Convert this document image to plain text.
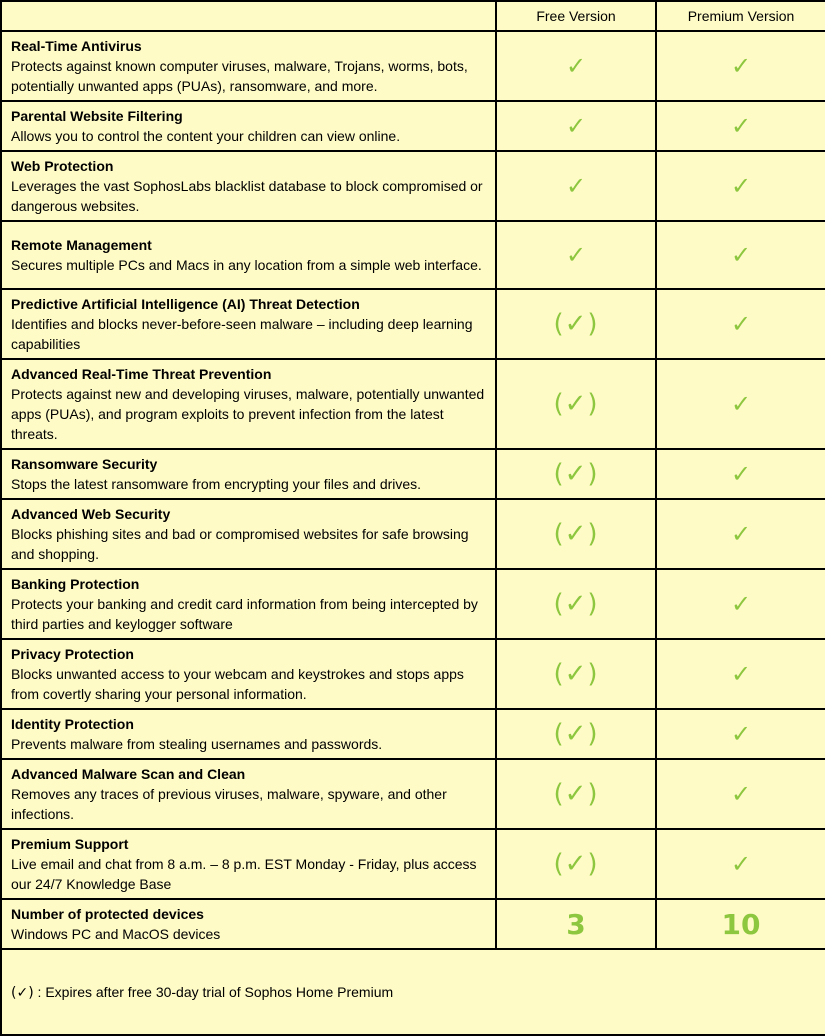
	Free Version	Premium Version

Real-Time Antivirus
Protects against known computer viruses, malware, Trojans, worms, bots, potentially unwanted apps (PUAs), ransomware, and more.	✓	✓

Parental Website Filtering
Allows you to control the content your children can view online.	✓	✓

Web Protection
Leverages the vast SophosLabs blacklist database to block compromised or dangerous websites.	✓	✓

Remote Management
Secures multiple PCs and Macs in any location from a simple web interface.	✓	✓

Predictive Artificial Intelligence (AI) Threat Detection
Identifies and blocks never-before-seen malware – including deep learning capabilities	(✓)	✓

Advanced Real-Time Threat Prevention
Protects against new and developing viruses, malware, potentially unwanted apps (PUAs), and program exploits to prevent infection from the latest threats.	(✓)	✓

Ransomware Security
Stops the latest ransomware from encrypting your files and drives.	(✓)	✓

Advanced Web Security
Blocks phishing sites and bad or compromised websites for safe browsing and shopping.	(✓)	✓

Banking Protection
Protects your banking and credit card information from being intercepted by third parties and keylogger software	(✓)	✓

Privacy Protection
Blocks unwanted access to your webcam and keystrokes and stops apps from covertly sharing your personal information.	(✓)	✓

Identity Protection
Prevents malware from stealing usernames and passwords.	(✓)	✓

Advanced Malware Scan and Clean
Removes any traces of previous viruses, malware, spyware, and other infections.	(✓)	✓

Premium Support
Live email and chat from 8 a.m. – 8 p.m. EST Monday - Friday, plus access our 24/7 Knowledge Base	(✓)	✓

Number of protected devices
Windows PC and MacOS devices	3	10
(✓) : Expires after free 30-day trial of Sophos Home Premium		
